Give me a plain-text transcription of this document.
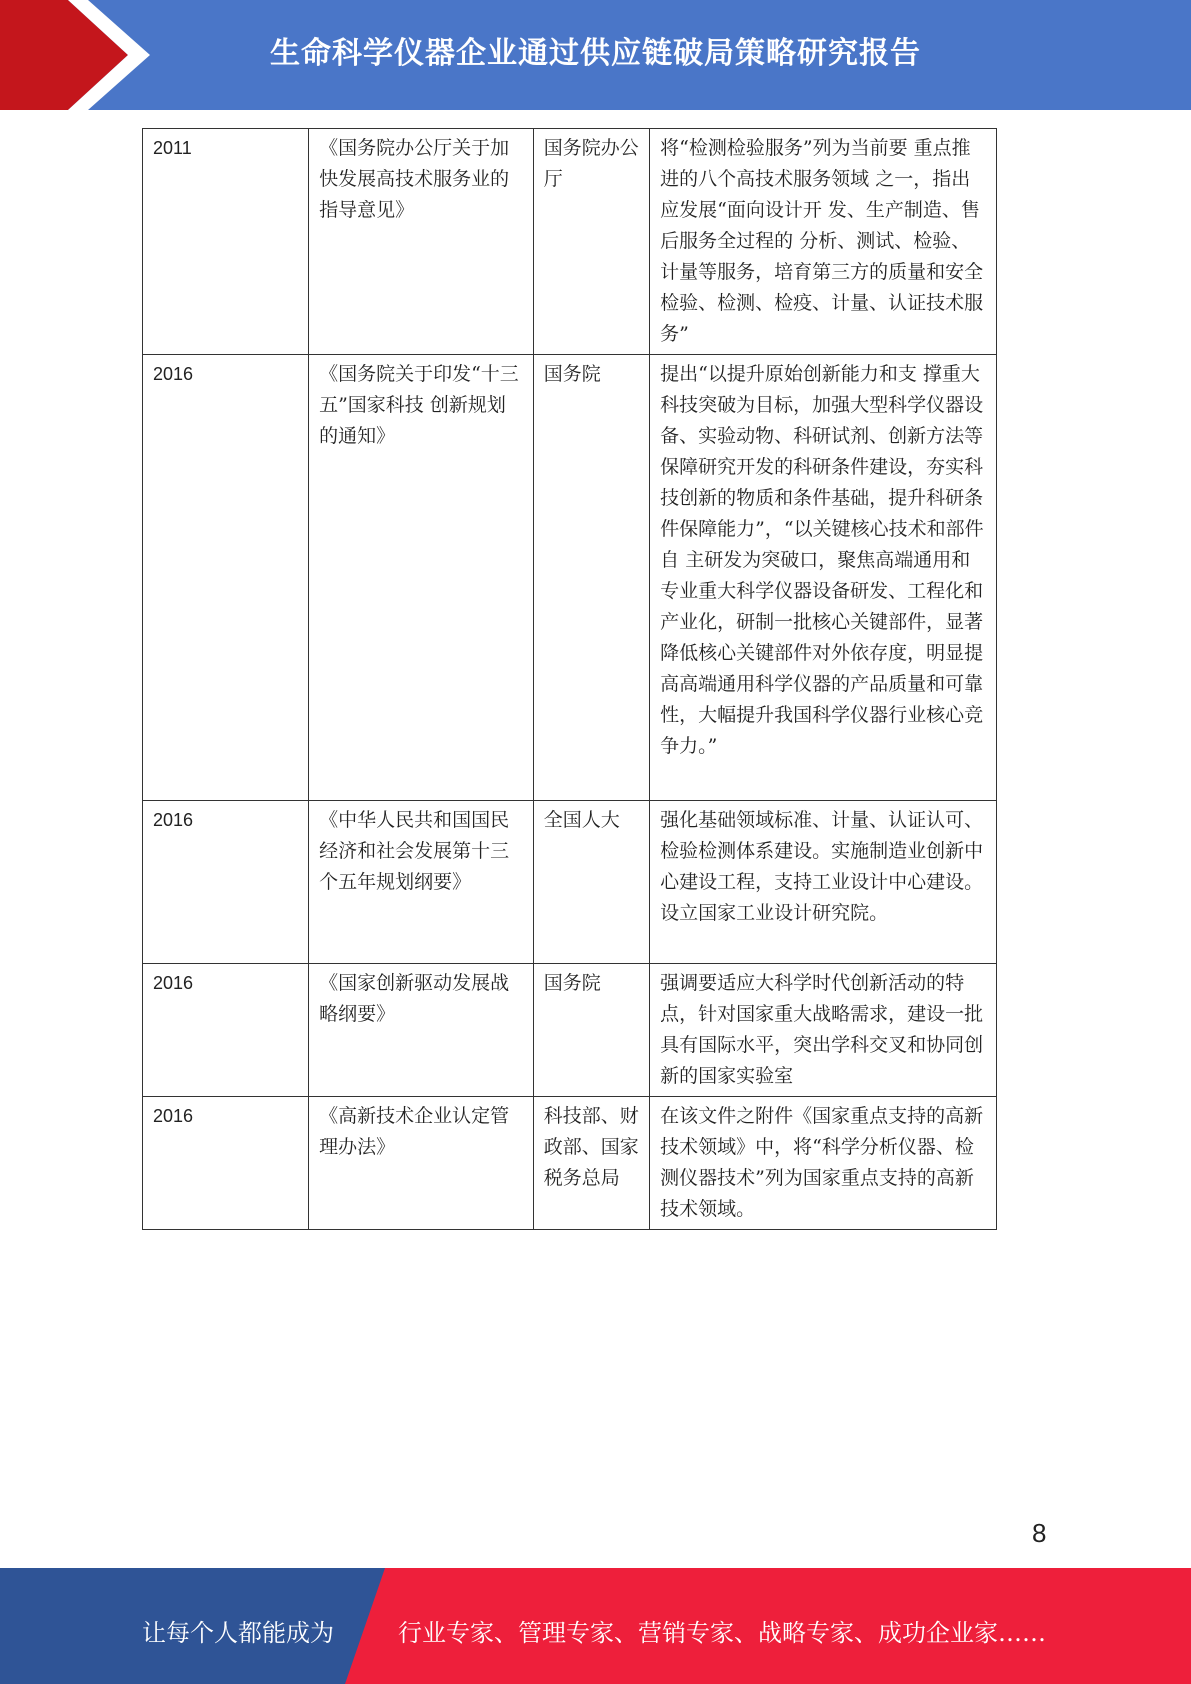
生命科学仪器企业通过供应链破局策略研究报告
2011	《国务院办公厅关于加快发展高技术服务业的指导意见》	国务院办公厅	将“检测检验服务”列为当前要 重点推进的八个高技术服务领域 之一，指出应发展“面向设计开 发、生产制造、售后服务全过程的 分析、测试、检验、计量等服务，培育第三方的质量和安全检验、检测、检疫、计量、认证技术服务”

2016	《国务院关于印发“十三五”国家科技 创新规划的通知》	国务院	提出“以提升原始创新能力和支 撑重大科技突破为目标，加强大型科学仪器设备、实验动物、科研试剂、创新方法等保障研究开发的科研条件建设，夯实科技创新的物质和条件基础，提升科研条件保障能力”，“以关键核心技术和部件自 主研发为突破口，聚焦高端通用和专业重大科学仪器设备研发、工程化和产业化，研制一批核心关键部件，显著降低核心关键部件对外依存度，明显提高高端通用科学仪器的产品质量和可靠性，大幅提升我国科学仪器行业核心竞争力。”
2016	《中华人民共和国国民经济和社会发展第十三个五年规划纲要》	全国人大	强化基础领域标准、计量、认证认可、检验检测体系建设。实施制造业创新中心建设工程，支持工业设计中心建设。设立国家工业设计研究院。
2016	《国家创新驱动发展战略纲要》	国务院	强调要适应大科学时代创新活动的特点，针对国家重大战略需求，建设一批具有国际水平，突出学科交叉和协同创新的国家实验室
2016	《高新技术企业认定管理办法》	科技部、财政部、国家税务总局	在该文件之附件《国家重点支持的高新技术领域》中，将“科学分析仪器、检测仪器技术”列为国家重点支持的高新技术领域。
8
让每个人都能成为	行业专家、管理专家、营销专家、战略专家、成功企业家……
